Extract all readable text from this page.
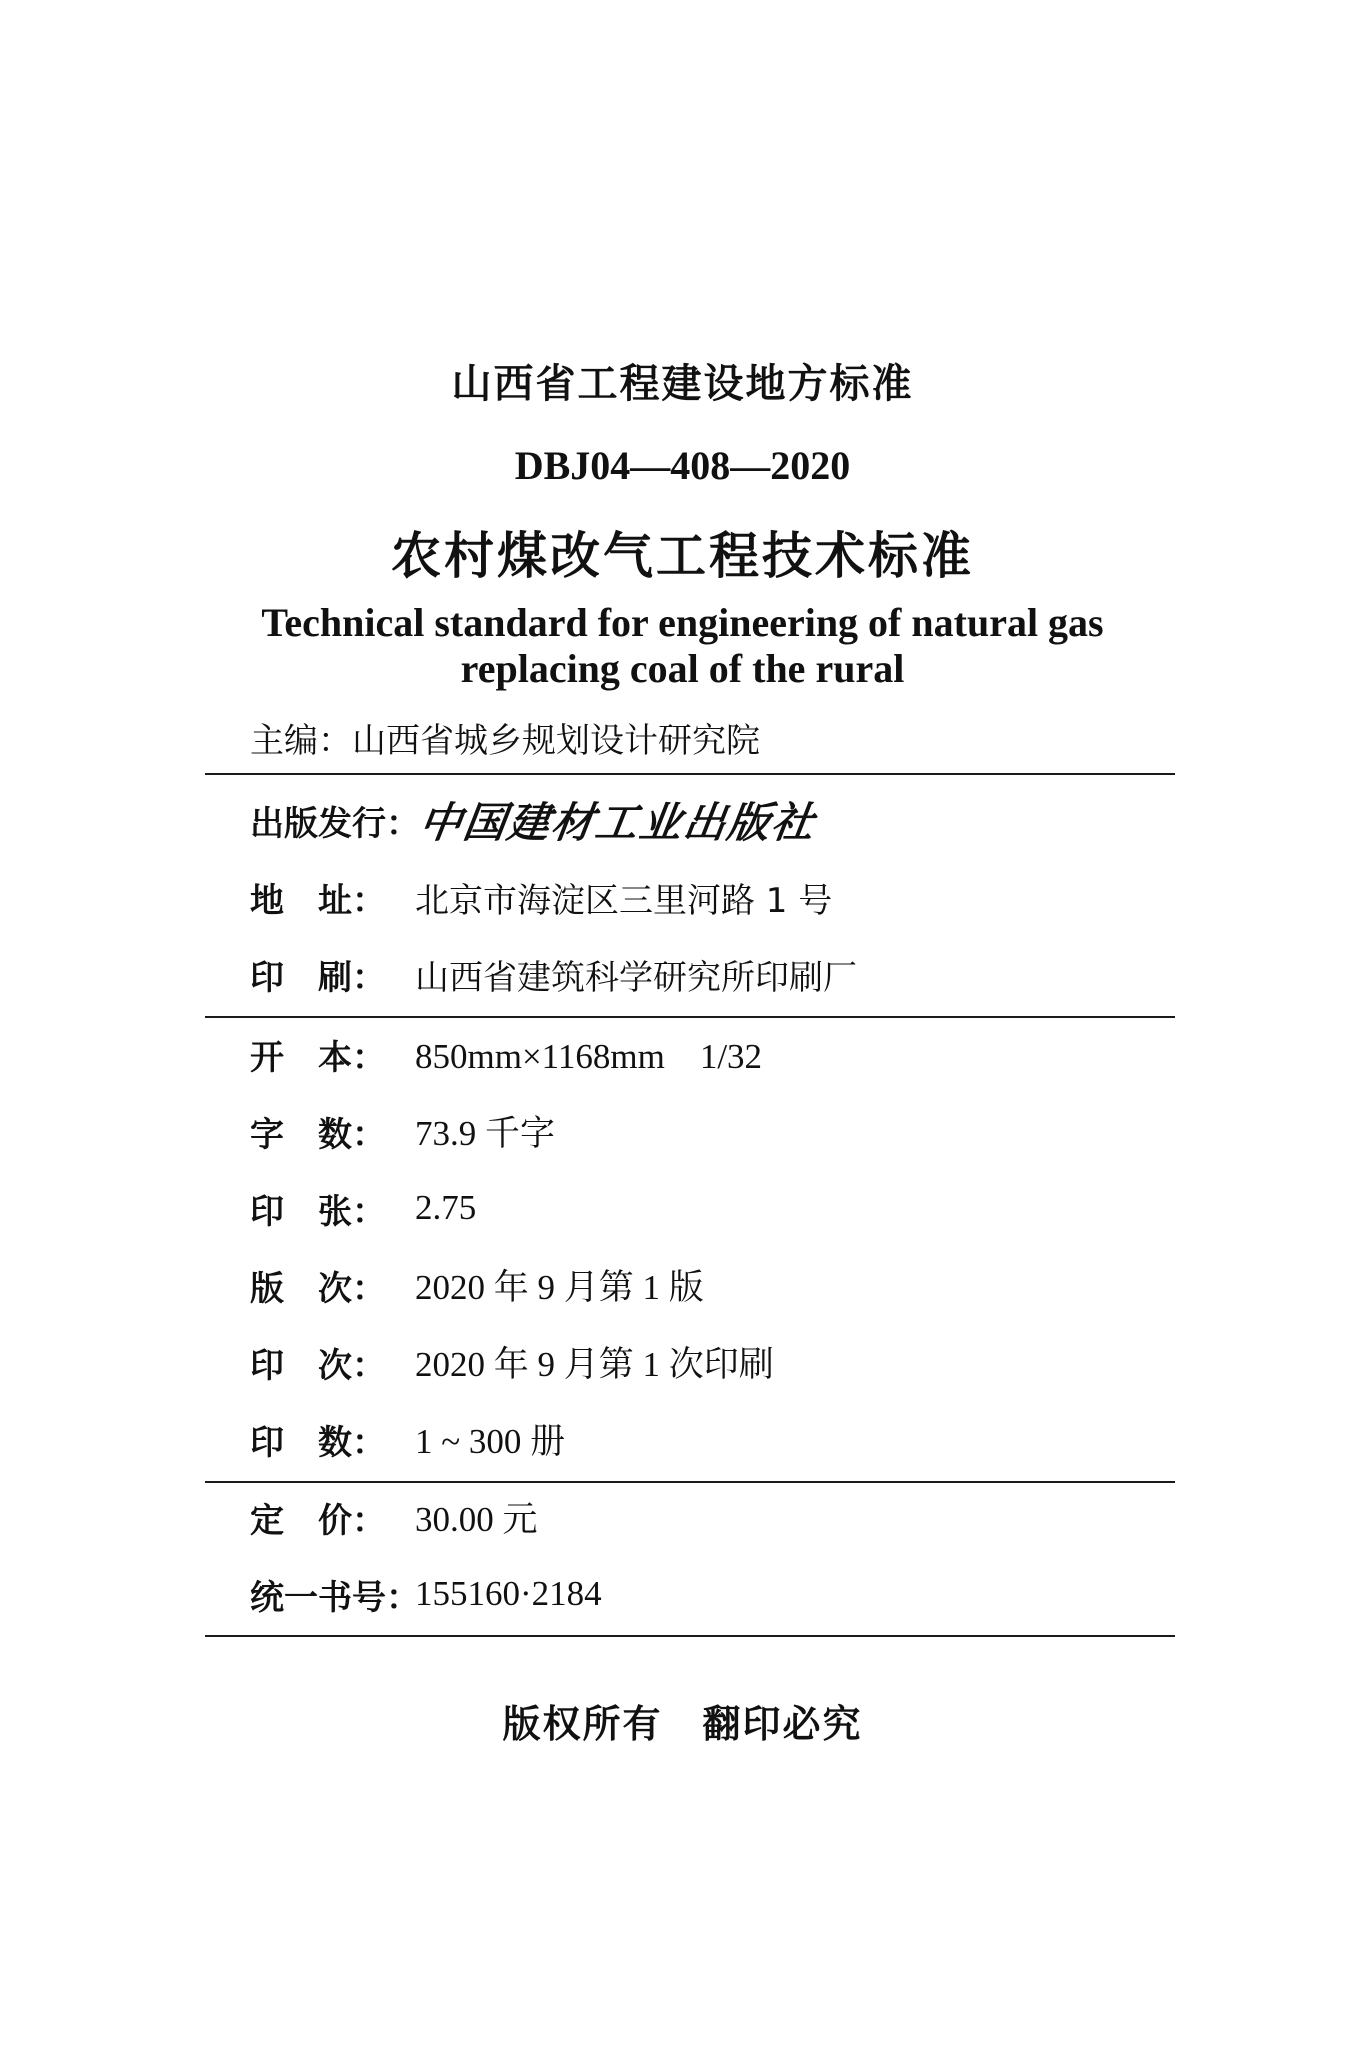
山西省工程建设地方标准
DBJ04—408—2020
农村煤改气工程技术标准
Technical standard for engineering of natural gas
replacing coal of the rural
主编：山西省城乡规划设计研究院
出版发行：
中国建材工业出版社
地　址： 北京市海淀区三里河路 1 号
印　刷： 山西省建筑科学研究所印刷厂
开　本： 850mm×1168mm　1/32
字　数： 73.9 千字
印　张： 2.75
版　次： 2020 年 9 月第 1 版
印　次： 2020 年 9 月第 1 次印刷
印　数： 1 ~ 300 册
定　价： 30.00 元
统一书号：
155160·2184
版权所有　翻印必究
